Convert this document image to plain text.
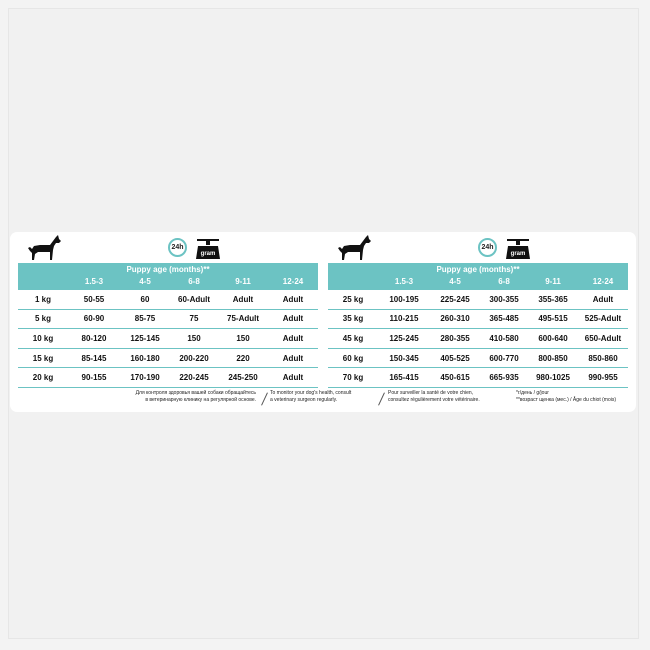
24h
gram
Puppy age (months)**
1.5-3	4-5	6-8	9-11	12-24
1 kg	50-55	60	60-Adult	Adult	Adult
5 kg	60-90	85-75	75	75-Adult	Adult
10 kg	80-120	125-145	150	150	Adult
15 kg	85-145	160-180	200-220	220	Adult
20 kg	90-155	170-190	220-245	245-250	Adult
24h
gram
Puppy age (months)**
1.5-3	4-5	6-8	9-11	12-24
25 kg	100-195	225-245	300-355	355-365	Adult
35 kg	110-215	260-310	365-485	495-515	525-Adult
45 kg	125-245	280-355	410-580	600-640	650-Adult
60 kg	150-345	405-525	600-770	800-850	850-860
70 kg	165-415	450-615	665-935	980-1025	990-955
Для контроля здоровья вашей собаки обращайтесь
в ветеринарную клинику на регулярной основе.
To monitor your dog's health, consult
a veterinary surgeon regularly.
Pour surveiller la santé de votre chien,
consultez régulièrement votre vétérinaire.
*г/день / g/jour
**возраст щенка (мес.) / Âge du chiot (mois)
